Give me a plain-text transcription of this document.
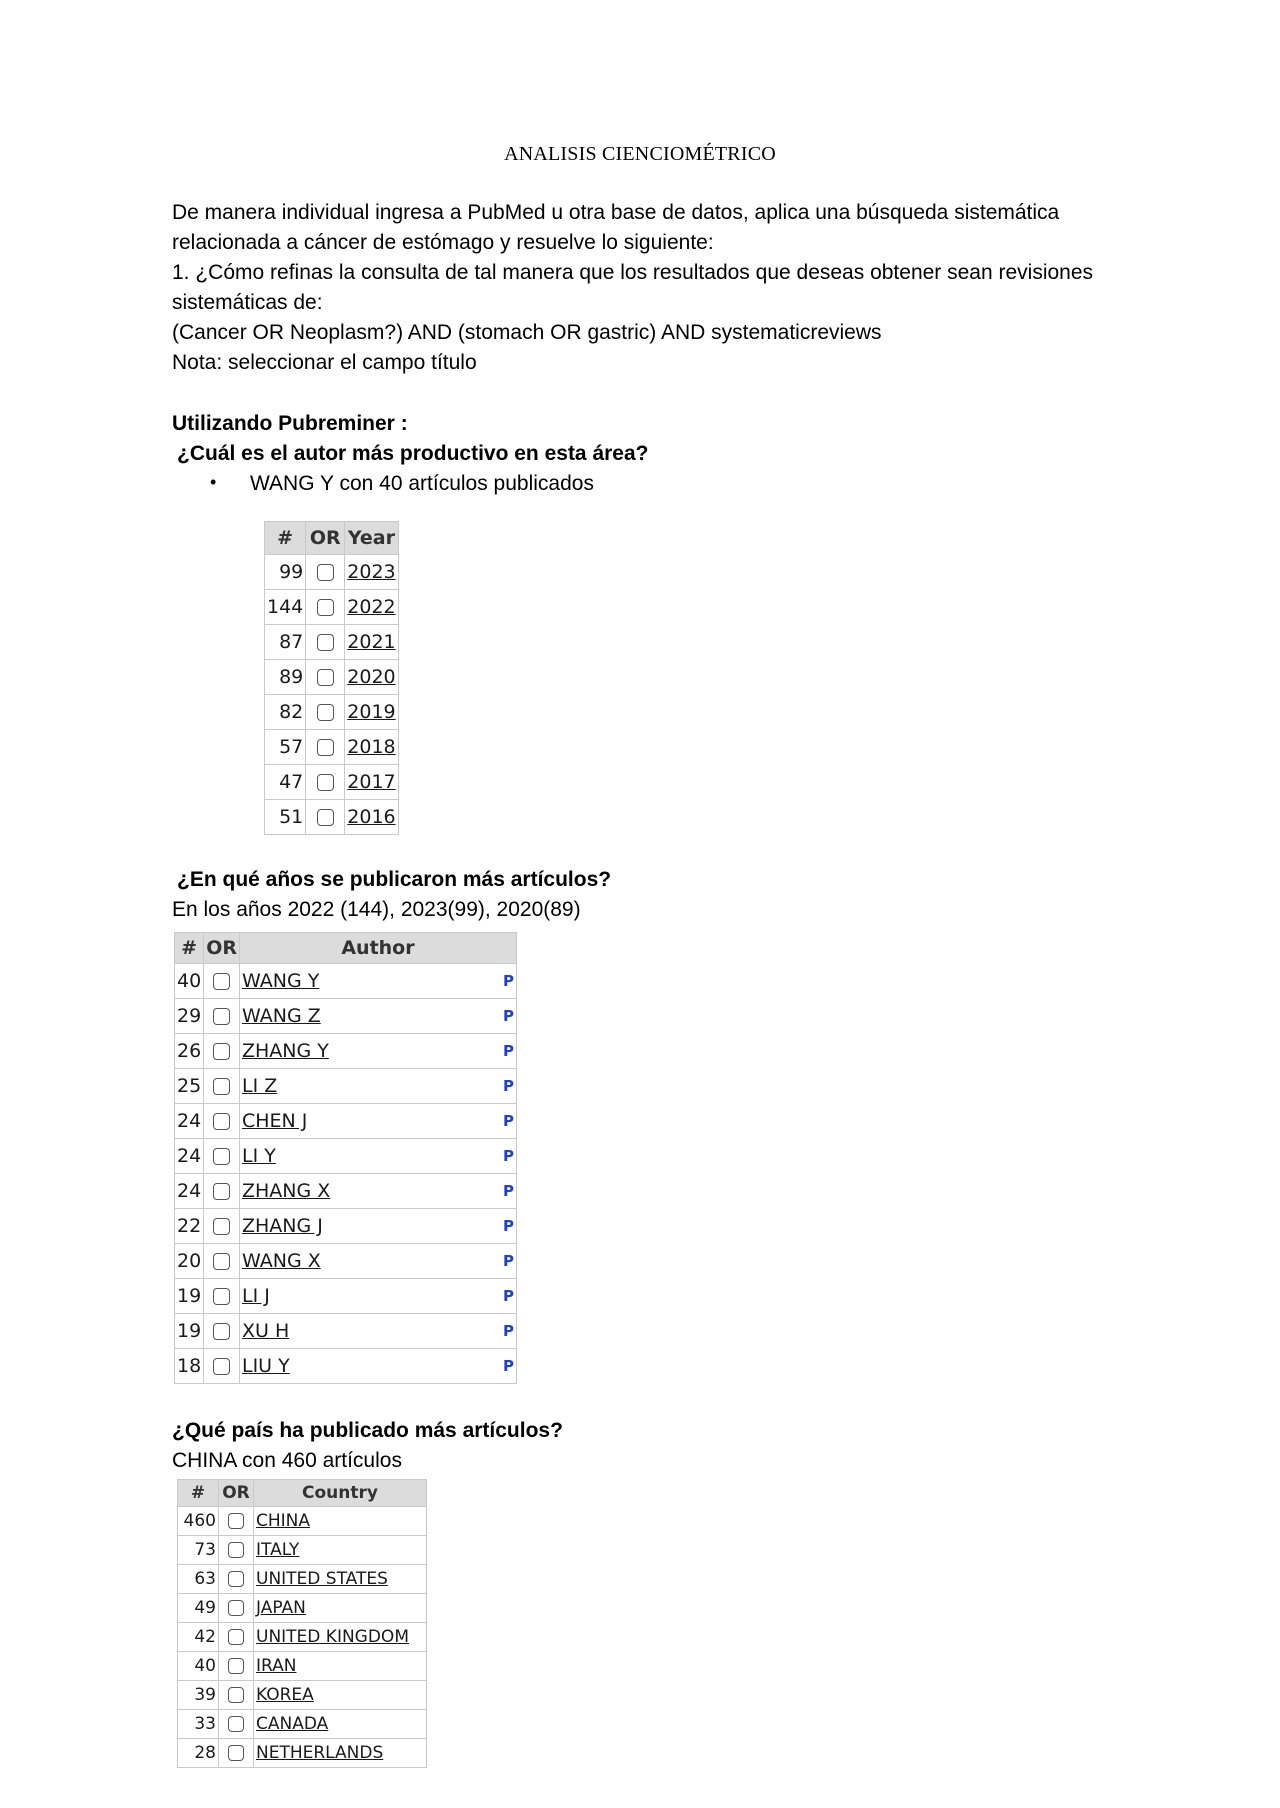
ANALISIS CIENCIOMÉTRICO
De manera individual ingresa a PubMed u otra base de datos, aplica una búsqueda sistemática
relacionada a cáncer de estómago y resuelve lo siguiente:
1. ¿Cómo refinas la consulta de tal manera que los resultados que deseas obtener sean revisiones
sistemáticas de:
(Cancer OR Neoplasm?) AND (stomach OR gastric) AND systematicreviews
Nota: seleccionar el campo título
Utilizando Pubreminer :
¿Cuál es el autor más productivo en esta área?
• WANG Y con 40 artículos publicados
#	OR	Year
99		2023
144		2022
87		2021
89		2020
82		2019
57		2018
47		2017
51		2016
¿En qué años se publicaron más artículos?
En los años 2022 (144), 2023(99), 2020(89)
#	OR	Author	
40		WANG Y	P
29		WANG Z	P
26		ZHANG Y	P
25		LI Z	P
24		CHEN J	P
24		LI Y	P
24		ZHANG X	P
22		ZHANG J	P
20		WANG X	P
19		LI J	P
19		XU H	P
18		LIU Y	P
¿Qué país ha publicado más artículos?
CHINA con 460 artículos
#	OR	Country
460		CHINA
73		ITALY
63		UNITED STATES
49		JAPAN
42		UNITED KINGDOM
40		IRAN
39		KOREA
33		CANADA
28		NETHERLANDS
